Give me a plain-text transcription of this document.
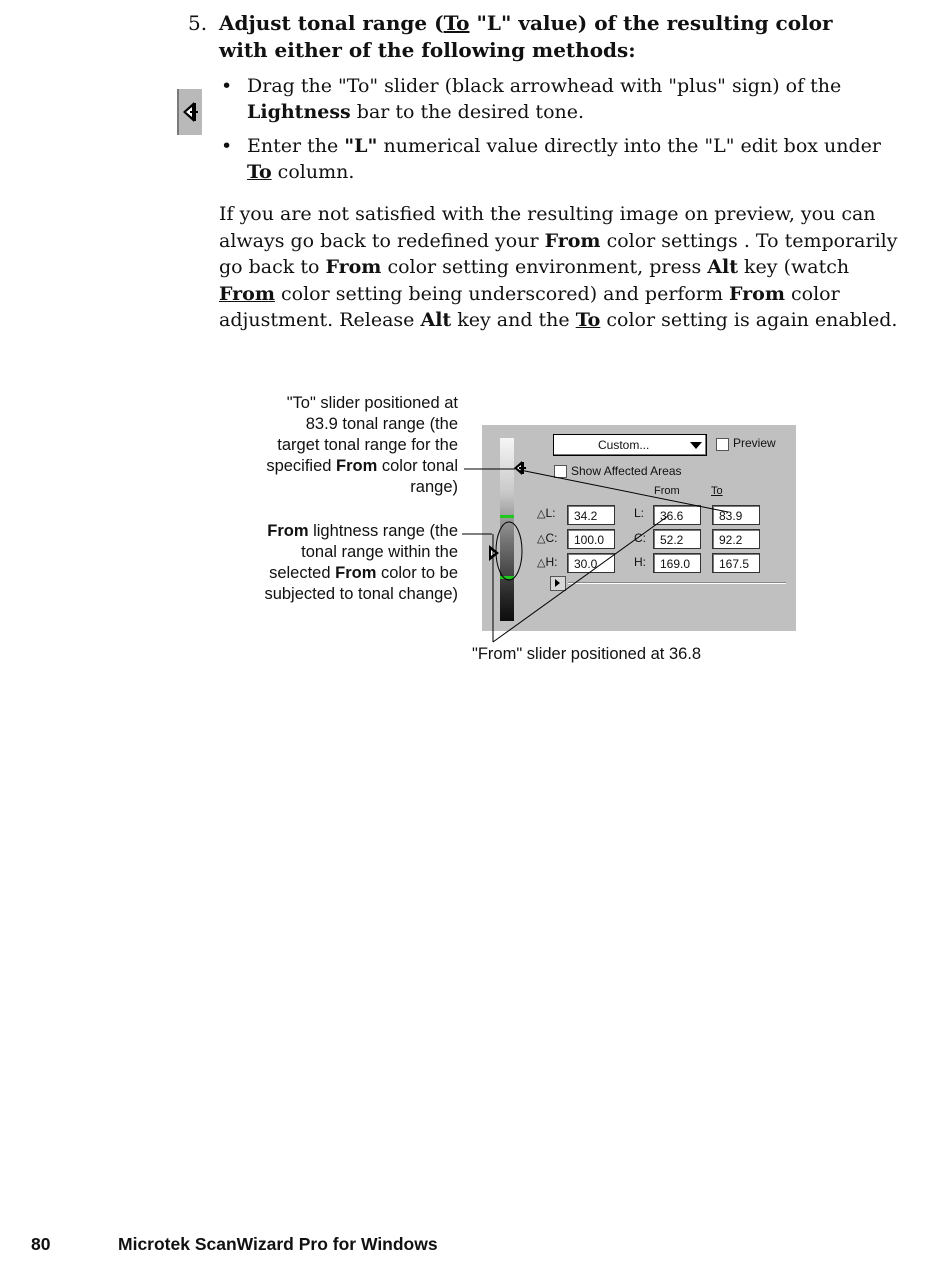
5. Adjust tonal range (To "L" value) of the resulting color with either of the following methods:
• Drag the "To" slider (black arrowhead with "plus" sign) of the Lightness bar to the desired tone.
• Enter the "L" numerical value directly into the "L" edit box under To column.
If you are not satisfied with the resulting image on preview, you can always go back to redefined your From color settings . To temporarily go back to From color setting environment, press Alt key (watch From color setting being underscored) and perform From color adjustment. Release Alt key and the To color setting is again enabled.
"To" slider positioned at 83.9 tonal range (the target tonal range for the specified From color tonal range)
From lightness range (the tonal range within the selected From color to be subjected to tonal change)
"From" slider positioned at 36.8
Custom...	Preview
Show Affected Areas
From	To
△L:	34.2	L:	36.6	83.9
△C:	100.0	C:	52.2	92.2
△H:	30.0	H:	169.0	167.5
80	Microtek ScanWizard Pro for Windows
